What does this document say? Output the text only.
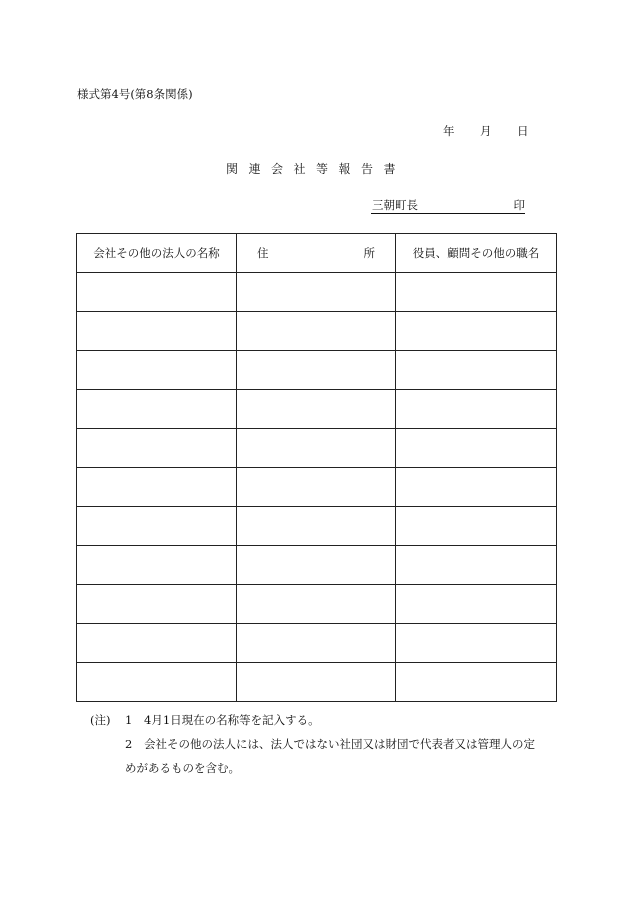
様式第4号(第8条関係)
年	月	日
関連会社等報告書
三朝町長	印
会社その他の法人の名称	住 所	役員、顧問その他の職名

(注) 1 4月1日現在の名称等を記入する。
2 会社その他の法人には、法人ではない社団又は財団で代表者又は管理人の定
めがあるものを含む。
